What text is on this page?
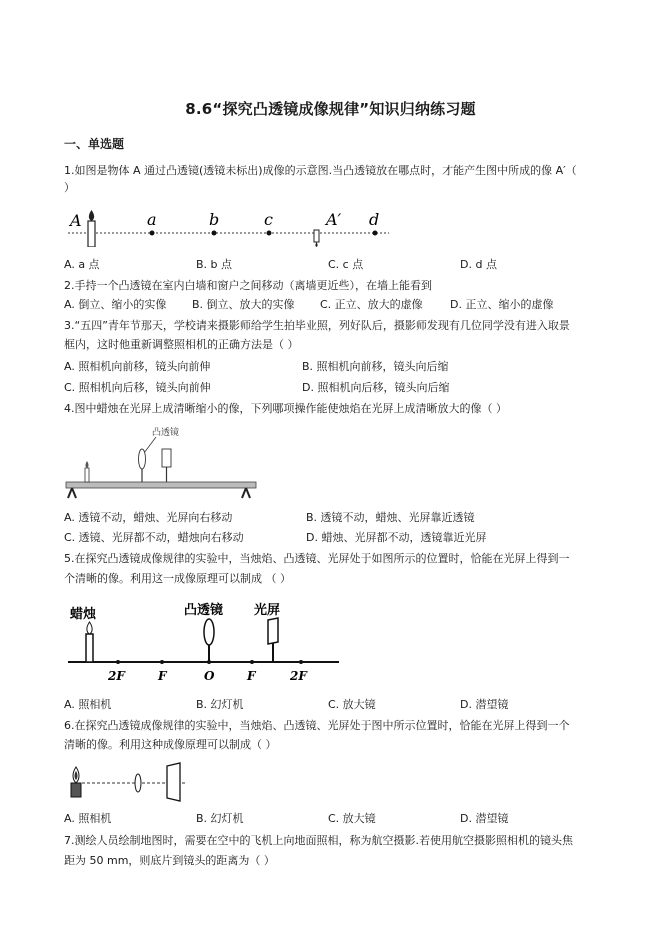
8.6“探究凸透镜成像规律”知识归纳练习题
一、单选题
1.如图是物体 A 通过凸透镜(透镜未标出)成像的示意图.当凸透镜放在哪点时，才能产生图中所成的像 A′（
）
A	a	b	c	A′ d
A. a 点	B. b 点	C. c 点	D. d 点
2.手持一个凸透镜在室内白墙和窗户之间移动（离墙更近些），在墙上能看到
A. 倒立、缩小的实像 B. 倒立、放大的实像 C. 正立、放大的虚像 D. 正立、缩小的虚像
3.“五四”青年节那天，学校请来摄影师给学生拍毕业照，列好队后，摄影师发现有几位同学没有进入取景
框内，这时他重新调整照相机的正确方法是（ ）
A. 照相机向前移，镜头向前伸	B. 照相机向前移，镜头向后缩
C. 照相机向后移，镜头向前伸	D. 照相机向后移，镜头向后缩
4.图中蜡烛在光屏上成清晰缩小的像，下列哪项操作能使烛焰在光屏上成清晰放大的像（ ）
凸透镜
A. 透镜不动，蜡烛、光屏向右移动	B. 透镜不动，蜡烛、光屏靠近透镜
C. 透镜、光屏都不动，蜡烛向右移动	D. 蜡烛、光屏都不动，透镜靠近光屏
5.在探究凸透镜成像规律的实验中，当烛焰、凸透镜、光屏处于如图所示的位置时，恰能在光屏上得到一
个清晰的像。利用这一成像原理可以制成 （ ）
蜡烛	凸透镜 光屏
2F	F	O	F	2F
A. 照相机	B. 幻灯机	C. 放大镜	D. 潜望镜
6.在探究凸透镜成像规律的实验中，当烛焰、凸透镜、光屏处于图中所示位置时，恰能在光屏上得到一个
清晰的像。利用这种成像原理可以制成（ ）
A. 照相机	B. 幻灯机	C. 放大镜	D. 潜望镜
7.测绘人员绘制地图时，需要在空中的飞机上向地面照相，称为航空摄影.若使用航空摄影照相机的镜头焦
距为 50 mm，则底片到镜头的距离为（ ）
